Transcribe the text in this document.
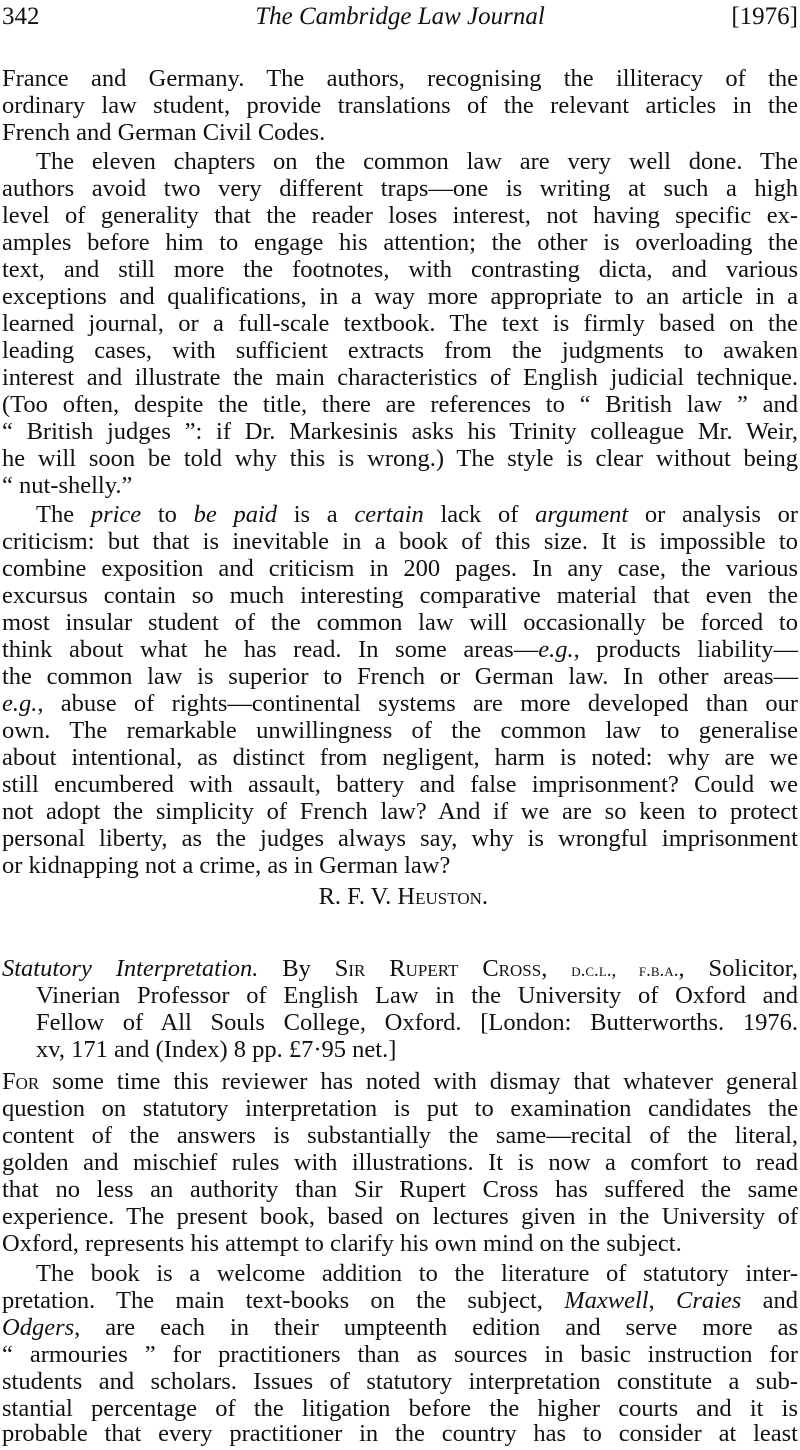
342	The Cambridge Law Journal	[1976]
France and Germany. The authors, recognising the illiteracy of the
ordinary law student, provide translations of the relevant articles in the
French and German Civil Codes.
The eleven chapters on the common law are very well done. The
authors avoid two very different traps—one is writing at such a high
level of generality that the reader loses interest, not having specific ex-
amples before him to engage his attention; the other is overloading the
text, and still more the footnotes, with contrasting dicta, and various
exceptions and qualifications, in a way more appropriate to an article in a
learned journal, or a full-scale textbook. The text is firmly based on the
leading cases, with sufficient extracts from the judgments to awaken
interest and illustrate the main characteristics of English judicial technique.
(Too often, despite the title, there are references to “ British law ” and
“ British judges ”: if Dr. Markesinis asks his Trinity colleague Mr. Weir,
he will soon be told why this is wrong.) The style is clear without being
“ nut-shelly.”
The price to be paid is a certain lack of argument or analysis or
criticism: but that is inevitable in a book of this size. It is impossible to
combine exposition and criticism in 200 pages. In any case, the various
excursus contain so much interesting comparative material that even the
most insular student of the common law will occasionally be forced to
think about what he has read. In some areas—e.g., products liability—
the common law is superior to French or German law. In other areas—
e.g., abuse of rights—continental systems are more developed than our
own. The remarkable unwillingness of the common law to generalise
about intentional, as distinct from negligent, harm is noted: why are we
still encumbered with assault, battery and false imprisonment? Could we
not adopt the simplicity of French law? And if we are so keen to protect
personal liberty, as the judges always say, why is wrongful imprisonment
or kidnapping not a crime, as in German law?
R. F. V. Heuston.
Statutory Interpretation. By Sir Rupert Cross, d.c.l., f.b.a., Solicitor,
Vinerian Professor of English Law in the University of Oxford and
Fellow of All Souls College, Oxford. [London: Butterworths. 1976.
xv, 171 and (Index) 8 pp. £7·95 net.]
For some time this reviewer has noted with dismay that whatever general
question on statutory interpretation is put to examination candidates the
content of the answers is substantially the same—recital of the literal,
golden and mischief rules with illustrations. It is now a comfort to read
that no less an authority than Sir Rupert Cross has suffered the same
experience. The present book, based on lectures given in the University of
Oxford, represents his attempt to clarify his own mind on the subject.
The book is a welcome addition to the literature of statutory inter-
pretation. The main text-books on the subject, Maxwell, Craies and
Odgers, are each in their umpteenth edition and serve more as
“ armouries ” for practitioners than as sources in basic instruction for
students and scholars. Issues of statutory interpretation constitute a sub-
stantial percentage of the litigation before the higher courts and it is
probable that every practitioner in the country has to consider at least
